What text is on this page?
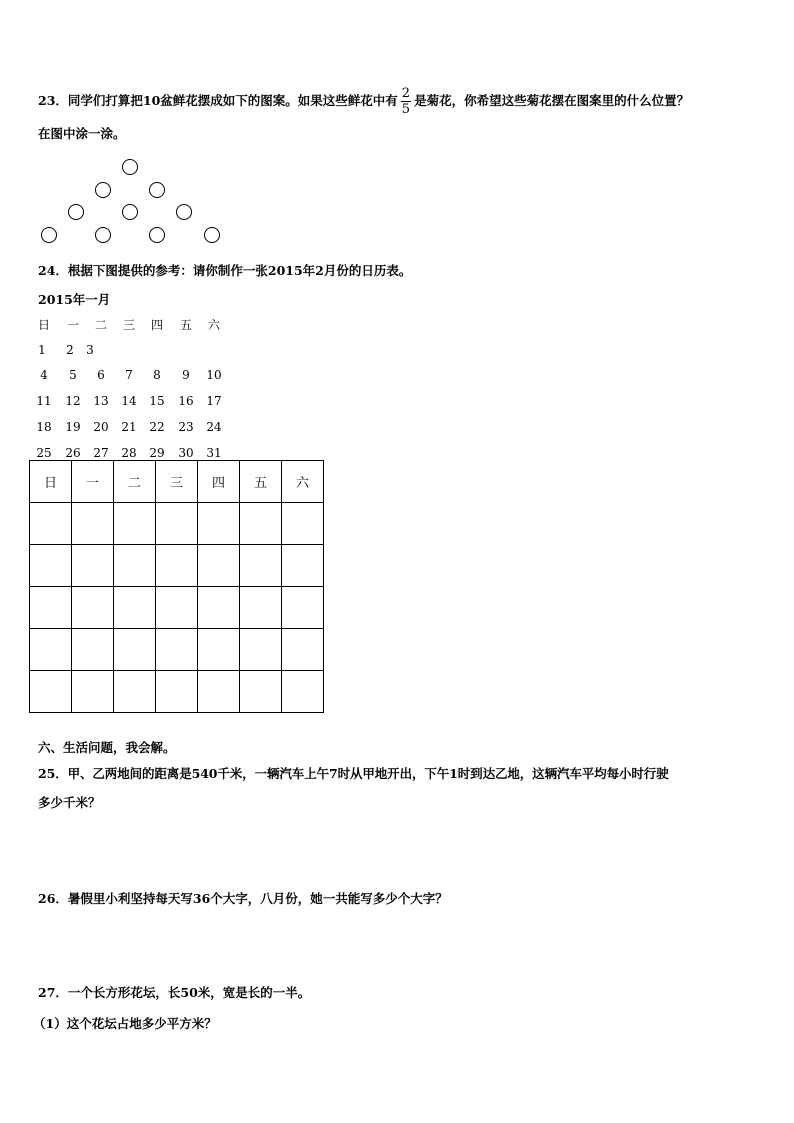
23．同学们打算把10盆鲜花摆成如下的图案。如果这些鲜花中有 $\frac{2}{5}$ 是菊花，你希望这些菊花摆在图案里的什么位置？
在图中涂一涂。
24．根据下图提供的参考：请你制作一张2015年2月份的日历表。
2015年一月
日	一	二	三	四	五	六
1	2	3
4	5	6	7	8	9	10
11 12 13 14 15 16 17
18 19 20 21 22 23 24
25 26 27 28 29 30 31
日	一	二	三	四	五	六

六、生活问题，我会解。
25．甲、乙两地间的距离是540千米，一辆汽车上午7时从甲地开出，下午1时到达乙地，这辆汽车平均每小时行驶
多少千米？
26．暑假里小利坚持每天写36个大字，八月份，她一共能写多少个大字？
27．一个长方形花坛，长50米，宽是长的一半。
（1）这个花坛占地多少平方米？
